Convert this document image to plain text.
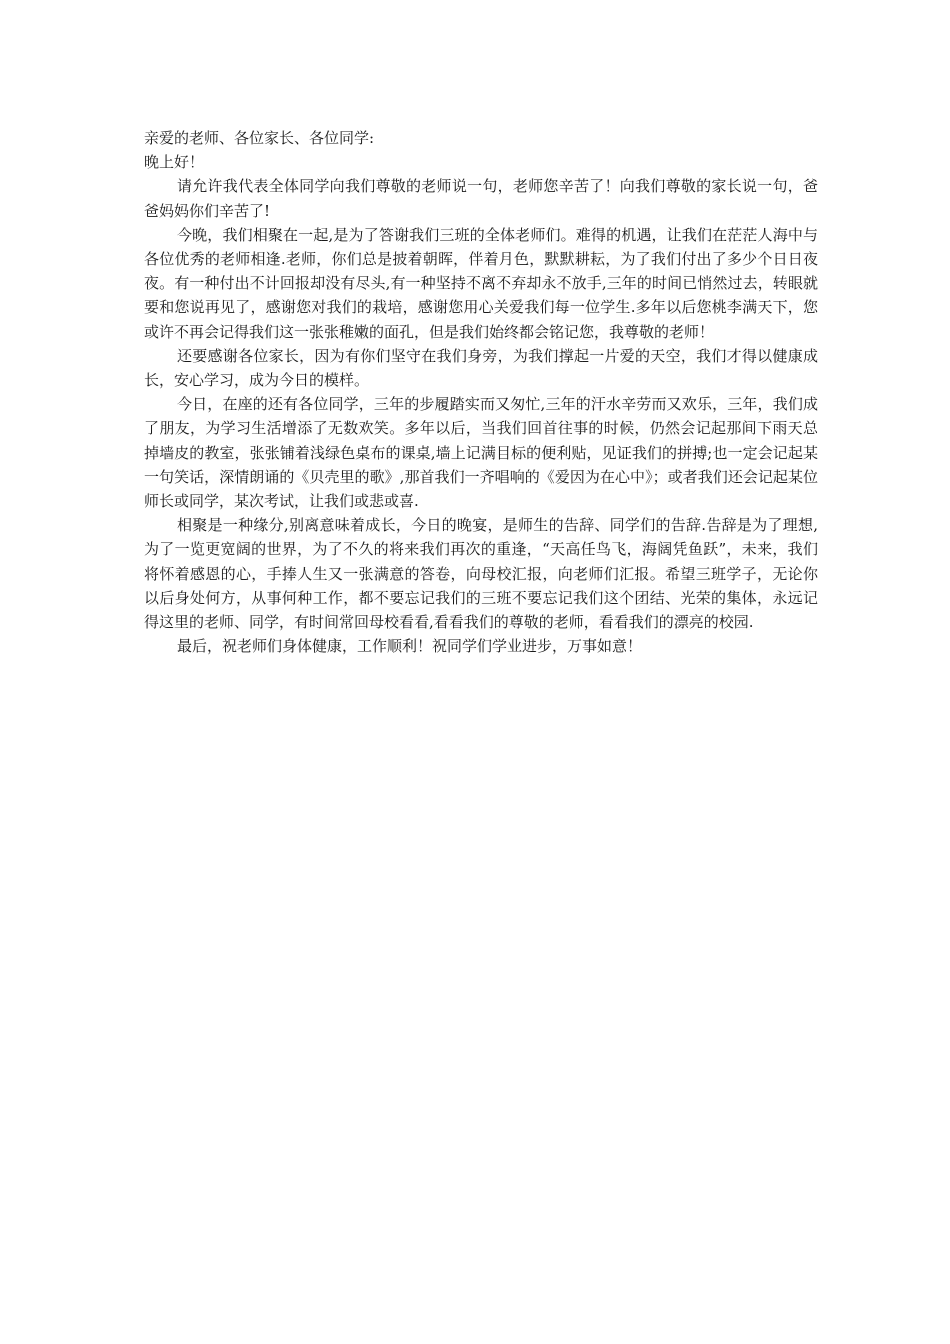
亲爱的老师、各位家长、各位同学:

晚上好！

请允许我代表全体同学向我们尊敬的老师说一句，老师您辛苦了！向我们尊敬的家长说一句，爸爸妈妈你们辛苦了!

今晚，我们相聚在一起,是为了答谢我们三班的全体老师们。难得的机遇，让我们在茫茫人海中与各位优秀的老师相逢.老师，你们总是披着朝晖，伴着月色，默默耕耘，为了我们付出了多少个日日夜夜。有一种付出不计回报却没有尽头,有一种坚持不离不弃却永不放手,三年的时间已悄然过去，转眼就要和您说再见了，感谢您对我们的栽培，感谢您用心关爱我们每一位学生.多年以后您桃李满天下，您或许不再会记得我们这一张张稚嫩的面孔，但是我们始终都会铭记您，我尊敬的老师！

还要感谢各位家长，因为有你们坚守在我们身旁，为我们撑起一片爱的天空，我们才得以健康成长，安心学习，成为今日的模样。

今日，在座的还有各位同学，三年的步履踏实而又匆忙,三年的汗水辛劳而又欢乐，三年，我们成了朋友，为学习生活增添了无数欢笑。多年以后，当我们回首往事的时候，仍然会记起那间下雨天总掉墙皮的教室，张张铺着浅绿色桌布的课桌,墙上记满目标的便利贴，见证我们的拼搏;也一定会记起某一句笑话，深情朗诵的《贝壳里的歌》,那首我们一齐唱响的《爱因为在心中》；或者我们还会记起某位师长或同学，某次考试，让我们或悲或喜.

相聚是一种缘分,别离意味着成长，今日的晚宴，是师生的告辞、同学们的告辞.告辞是为了理想,为了一览更宽阔的世界，为了不久的将来我们再次的重逢，“天高任鸟飞，海阔凭鱼跃”，未来，我们将怀着感恩的心，手捧人生又一张满意的答卷，向母校汇报，向老师们汇报。希望三班学子，无论你以后身处何方，从事何种工作，都不要忘记我们的三班不要忘记我们这个团结、光荣的集体，永远记得这里的老师、同学，有时间常回母校看看,看看我们的尊敬的老师，看看我们的漂亮的校园.

最后，祝老师们身体健康，工作顺利！祝同学们学业进步，万事如意！
